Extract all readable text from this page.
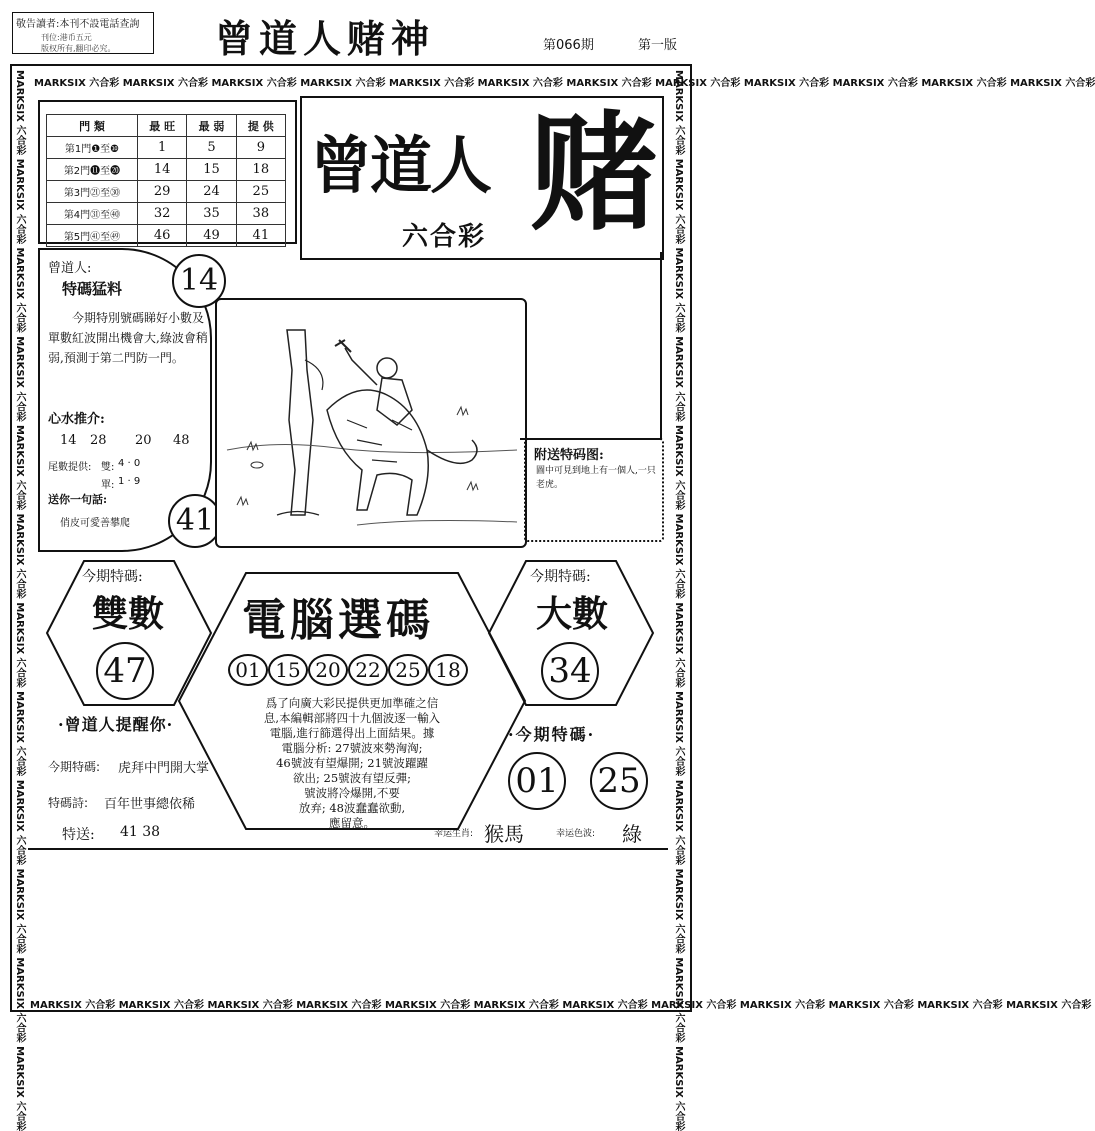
敬告讀者:本刊不設電話查詢
刊位:港币五元
版权所有,翻印必究。	曾道人赌神	第066期	第一版
MARKSIX 六合彩 MARKSIX 六合彩 MARKSIX 六合彩 MARKSIX 六合彩 MARKSIX 六合彩 MARKSIX 六合彩 MARKSIX 六合彩 MARKSIX 六合彩 MARKSIX 六合彩 MARKSIX 六合彩 MARKSIX 六合彩 MARKSIX 六合彩
MARKSIX 六合彩 MARKSIX 六合彩 MARKSIX 六合彩 MARKSIX 六合彩 MARKSIX 六合彩 MARKSIX 六合彩 MARKSIX 六合彩 MARKSIX 六合彩 MARKSIX 六合彩 MARKSIX 六合彩 MARKSIX 六合彩 MARKSIX 六合彩
MARKSIX 六合彩 MARKSIX 六合彩 MARKSIX 六合彩 MARKSIX 六合彩 MARKSIX 六合彩 MARKSIX 六合彩 MARKSIX 六合彩 MARKSIX 六合彩 MARKSIX 六合彩 MARKSIX 六合彩 MARKSIX 六合彩 MARKSIX 六合彩	MARKSIX 六合彩 MARKSIX 六合彩 MARKSIX 六合彩 MARKSIX 六合彩 MARKSIX 六合彩 MARKSIX 六合彩 MARKSIX 六合彩 MARKSIX 六合彩 MARKSIX 六合彩 MARKSIX 六合彩 MARKSIX 六合彩 MARKSIX 六合彩
門 類	最 旺	最 弱	提 供
第1門❶至❿	1	5	9
第2門⓫至⓴	14	15	18
第3門㉑至㉚	29	24	25
第4門㉛至㊵	32	35	38
第5門㊶至㊾	46	49	41
曾道人 赌
六合彩
曾道人:
特碼猛料
今期特別號碼睇好小數及單數紅波開出機會大,綠波會稍弱,預測于第二門防一門。
心水推介:
14 28 20 48
尾數提供: 雙: 4 · 0
單: 1 · 9
送你一句話:
俏皮可愛善攀爬
14
41
附送特码图:
圖中可見到地上有一個人,一只老虎。
今期特碼:
雙數
47
今期特碼:
大數
34
電腦選碼
01 15 20 22 25 18
爲了向廣大彩民提供更加準確之信
息,本編輯部將四十九個波逐一輸入
電腦,進行篩選得出上面結果。據
電腦分析: 27號波來勢洶洶;
46號波有望爆開; 21號波躍躍
欲出; 25號波有望反彈;
號波將冷爆開,不要
放弃; 48波蠢蠢欲動,
應留意。
·曾道人提醒你·
今期特碼: 虎拜中門開大掌
特碼詩: 百年世事總依稀
特送: 41 38
·今期特碼·
01 25
幸运生肖: 猴馬	幸运色波: 綠
